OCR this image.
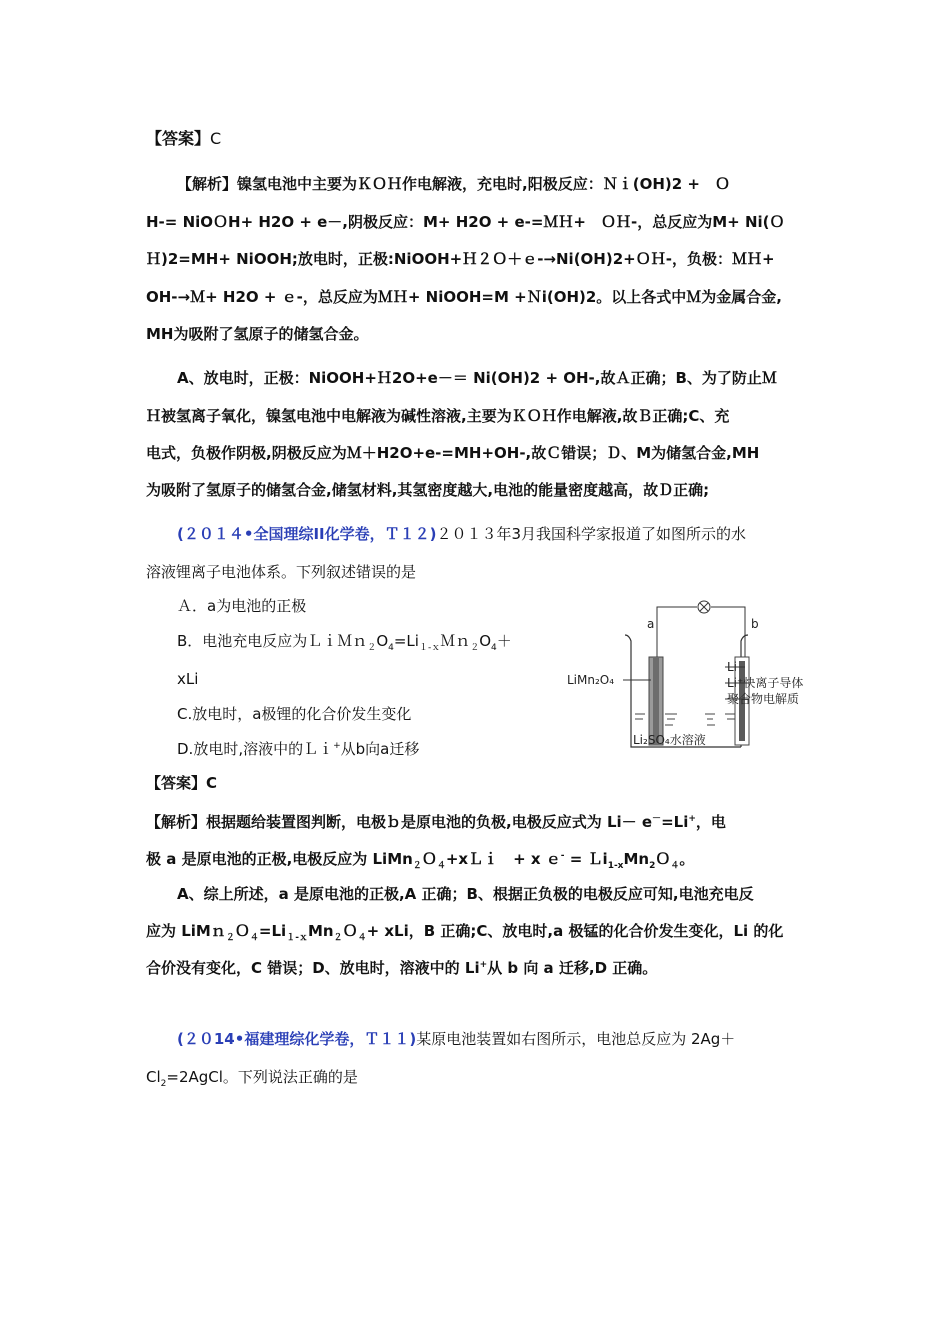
【答案】C
【解析】镍氢电池中主要为ＫＯＨ作电解液，充电时,阳极反应：Ｎｉ(OH)2 +　Ｏ
H-= NiOＯH+ H2O + e－,阴极反应：M+ H2O + e-=ＭＨ+　ＯＨ-，总反应为M+ Ni(Ｏ
Ｈ)2=MH+ NiOOH;放电时，正极:NiOOH+Ｈ２Ｏ＋ｅ-→Ni(OH)2+ＯＨ-，负极：ＭＨ+
OH-→Ｍ+ H2O + ｅ-，总反应为ＭＨ+ NiOOH=M +Ｎi(OH)2。以上各式中Ｍ为金属合金,
MH为吸附了氢原子的储氢合金。
A、放电时，正极：NiOOH+Ｈ2O+e－＝ Ni(OH)2 + OH-,故Ａ正确；B、为了防止Ｍ
Ｈ被氢离子氧化，镍氢电池中电解液为碱性溶液,主要为ＫＯＨ作电解液,故Ｂ正确;C、充
电式，负极作阴极,阴极反应为Ｍ＋H2O+e-=MH+OH-,故Ｃ错误；Ｄ、M为储氢合金,MH
为吸附了氢原子的储氢合金,储氢材料,其氢密度越大,电池的能量密度越高，故Ｄ正确;
(２０１４•全国理综II化学卷，Ｔ１２)２０１３年3月我国科学家报道了如图所示的水
溶液锂离子电池体系。下列叙述错误的是
Ａ．a为电池的正极
B．电池充电反应为$LiMn_2O_4=Li_{1-x}Mn_2O_4+$
xLi
C.放电时，a极锂的化合价发生变化
D.放电时,溶液中的Ｌｉ+从b向a迁移
a	b
LiMn₂O₄
Li
Li⁺快离子导体
聚合物电解质
Li₂SO₄水溶液
【答案】C
【解析】根据题给装置图判断，电极ｂ是原电池的负极,电极反应式为 Li－ e－=Li+，电
极 a 是原电池的正极,电极反应为 LiMn$_2$Ｏ$_4$+xＬｉ　+ x ｅ- = $Li_{1-x}Mn_2O_4$。
A、综上所述，a 是原电池的正极,A 正确；B、根据正负极的电极反应可知,电池充电反
应为 $LiMn_2O_4=Li_{1-x}Mn_2O_4+$ xLi，B 正确;C、放电时,a 极锰的化合价发生变化，Li 的化
合价没有变化，C 错误；D、放电时，溶液中的 Li+从 b 向 a 迁移,D 正确。
(２０14•福建理综化学卷，Ｔ１１)某原电池装置如右图所示，电池总反应为 2Ag＋
$Cl_2=2AgCl$。下列说法正确的是
